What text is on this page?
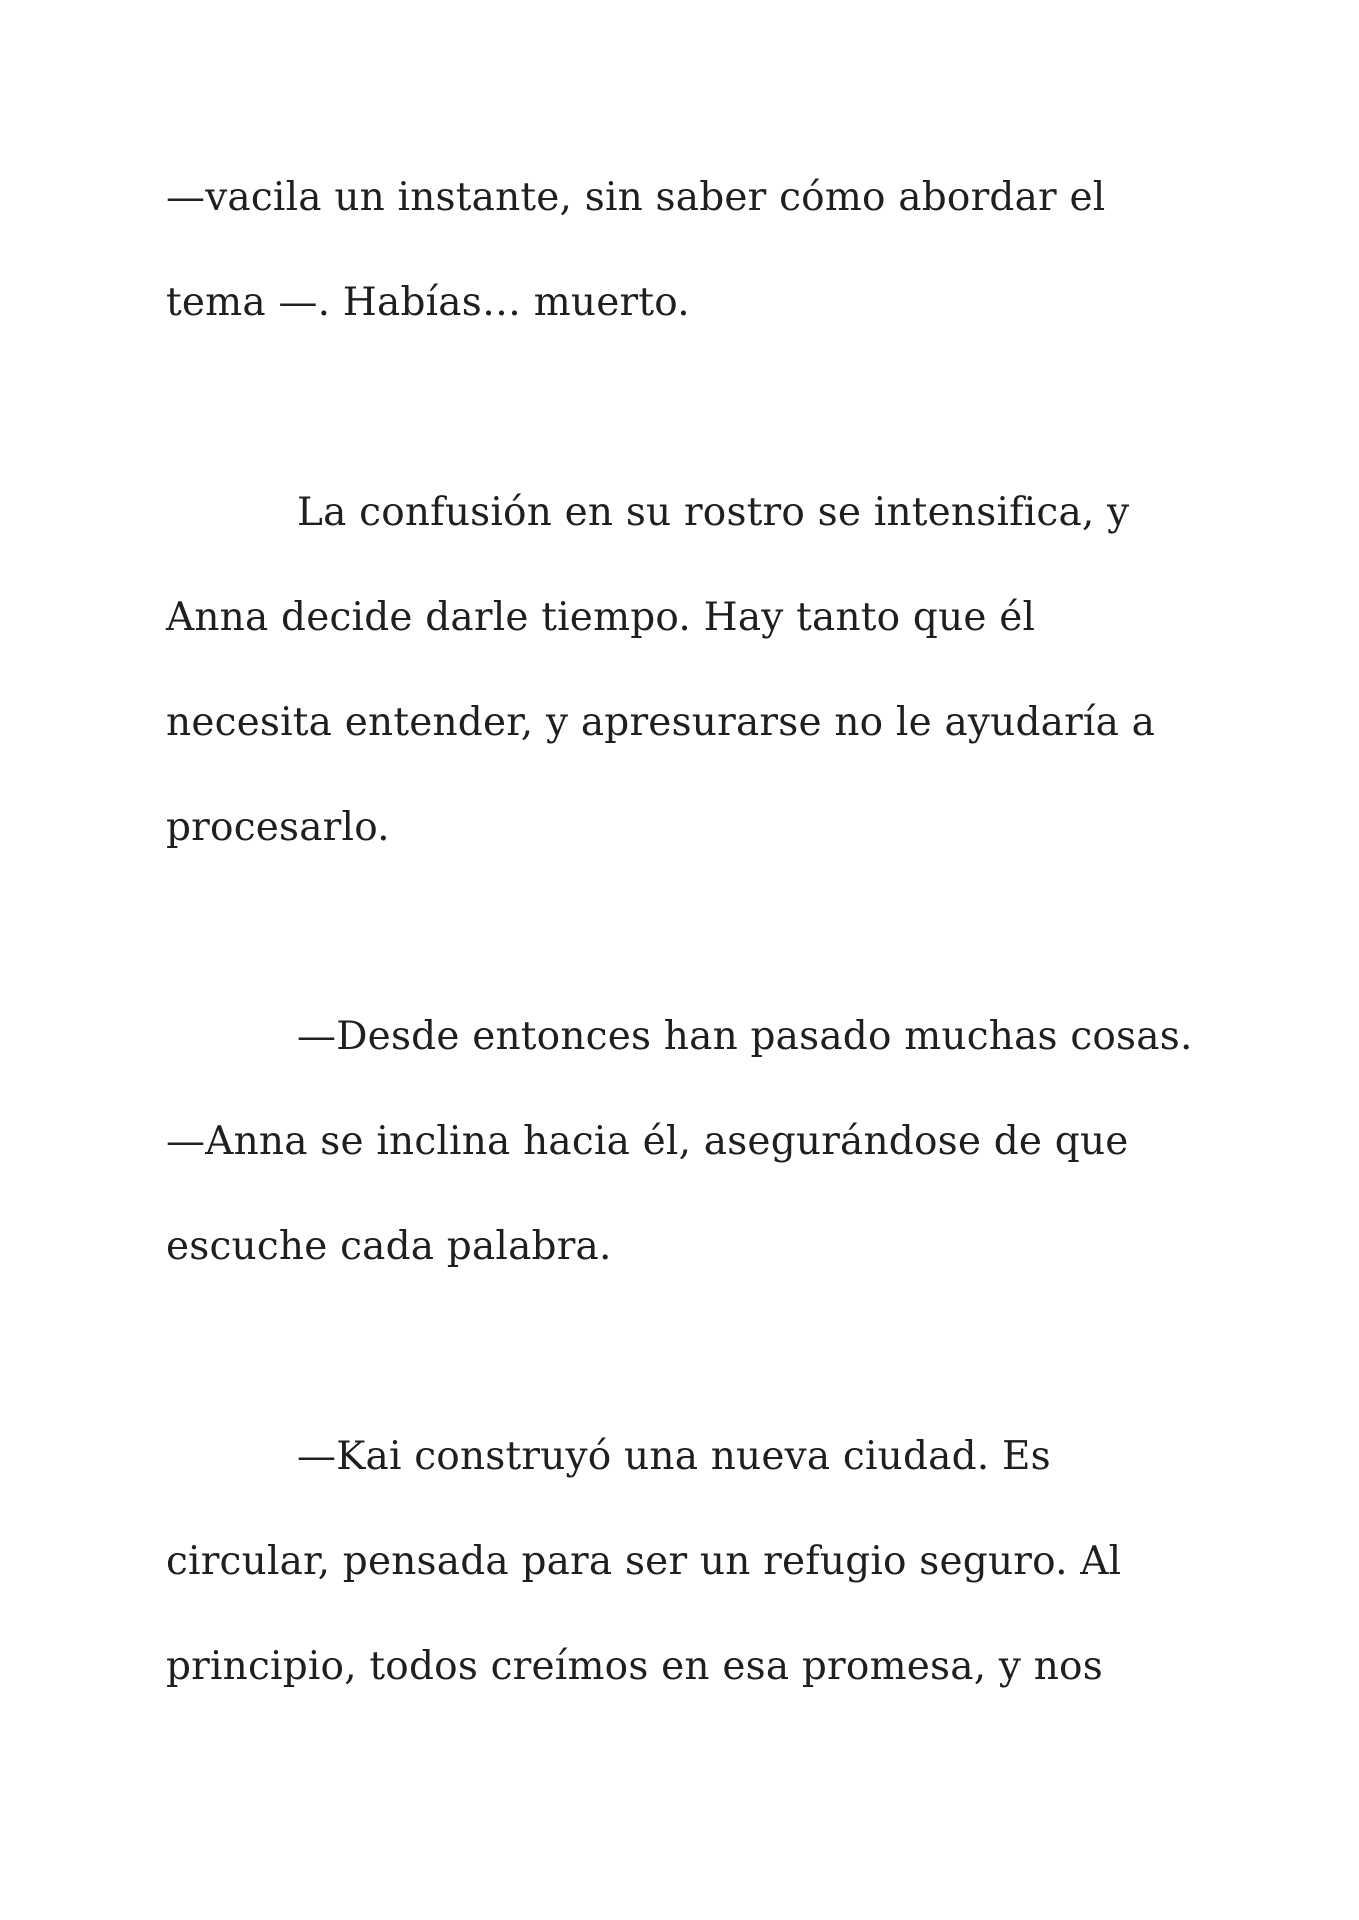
—vacila un instante, sin saber cómo abordar el

tema —. Habías… muerto.

La confusión en su rostro se intensifica, y

Anna decide darle tiempo. Hay tanto que él

necesita entender, y apresurarse no le ayudaría a

procesarlo.

—Desde entonces han pasado muchas cosas.

—Anna se inclina hacia él, asegurándose de que

escuche cada palabra.

—Kai construyó una nueva ciudad. Es

circular, pensada para ser un refugio seguro. Al

principio, todos creímos en esa promesa, y nos
